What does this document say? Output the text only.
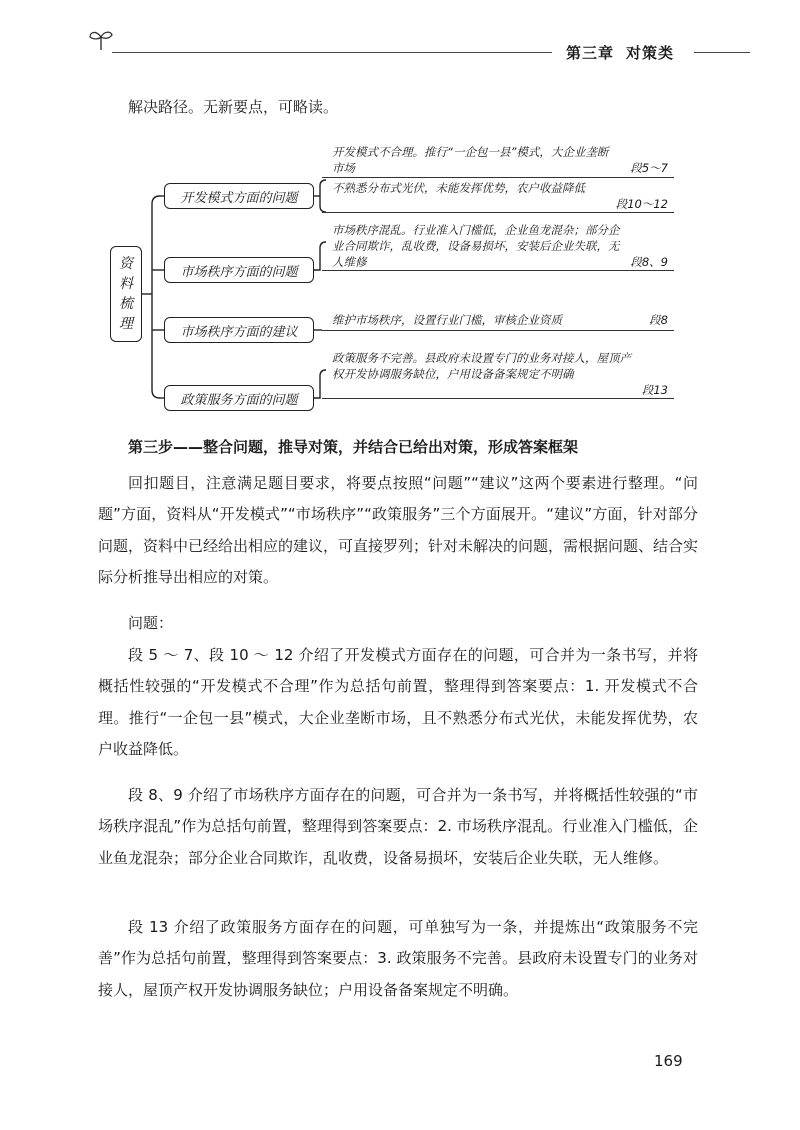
第三章 对策类
解决路径。无新要点，可略读。
资料梳理
开发模式方面的问题
市场秩序方面的问题
市场秩序方面的建议
政策服务方面的问题
开发模式不合理。推行“一企包一县”模式，大企业垄断市场	段5～7
不熟悉分布式光伏，未能发挥优势，农户收益降低
段10～12
市场秩序混乱。行业准入门槛低，企业鱼龙混杂；部分企业合同欺诈，乱收费，设备易损坏，安装后企业失联，无人维修	段8、9
维护市场秩序，设置行业门槛，审核企业资质	段8
政策服务不完善。县政府未设置专门的业务对接人，屋顶产权开发协调服务缺位，户用设备备案规定不明确
段13
第三步——整合问题，推导对策，并结合已给出对策，形成答案框架

回扣题目，注意满足题目要求，将要点按照“问题”“建议”这两个要素进行整理。“问题”方面，资料从“开发模式”“市场秩序”“政策服务”三个方面展开。“建议”方面，针对部分问题，资料中已经给出相应的建议，可直接罗列；针对未解决的问题，需根据问题、结合实际分析推导出相应的对策。

问题：

段 5 ～ 7、段 10 ～ 12 介绍了开发模式方面存在的问题，可合并为一条书写，并将概括性较强的“开发模式不合理”作为总括句前置，整理得到答案要点：1. 开发模式不合理。推行“一企包一县”模式，大企业垄断市场，且不熟悉分布式光伏，未能发挥优势，农户收益降低。

段 8、9 介绍了市场秩序方面存在的问题，可合并为一条书写，并将概括性较强的“市场秩序混乱”作为总括句前置，整理得到答案要点：2. 市场秩序混乱。行业准入门槛低，企业鱼龙混杂；部分企业合同欺诈，乱收费，设备易损坏，安装后企业失联，无人维修。

段 13 介绍了政策服务方面存在的问题，可单独写为一条，并提炼出“政策服务不完善”作为总括句前置，整理得到答案要点：3. 政策服务不完善。县政府未设置专门的业务对接人，屋顶产权开发协调服务缺位；户用设备备案规定不明确。

169
